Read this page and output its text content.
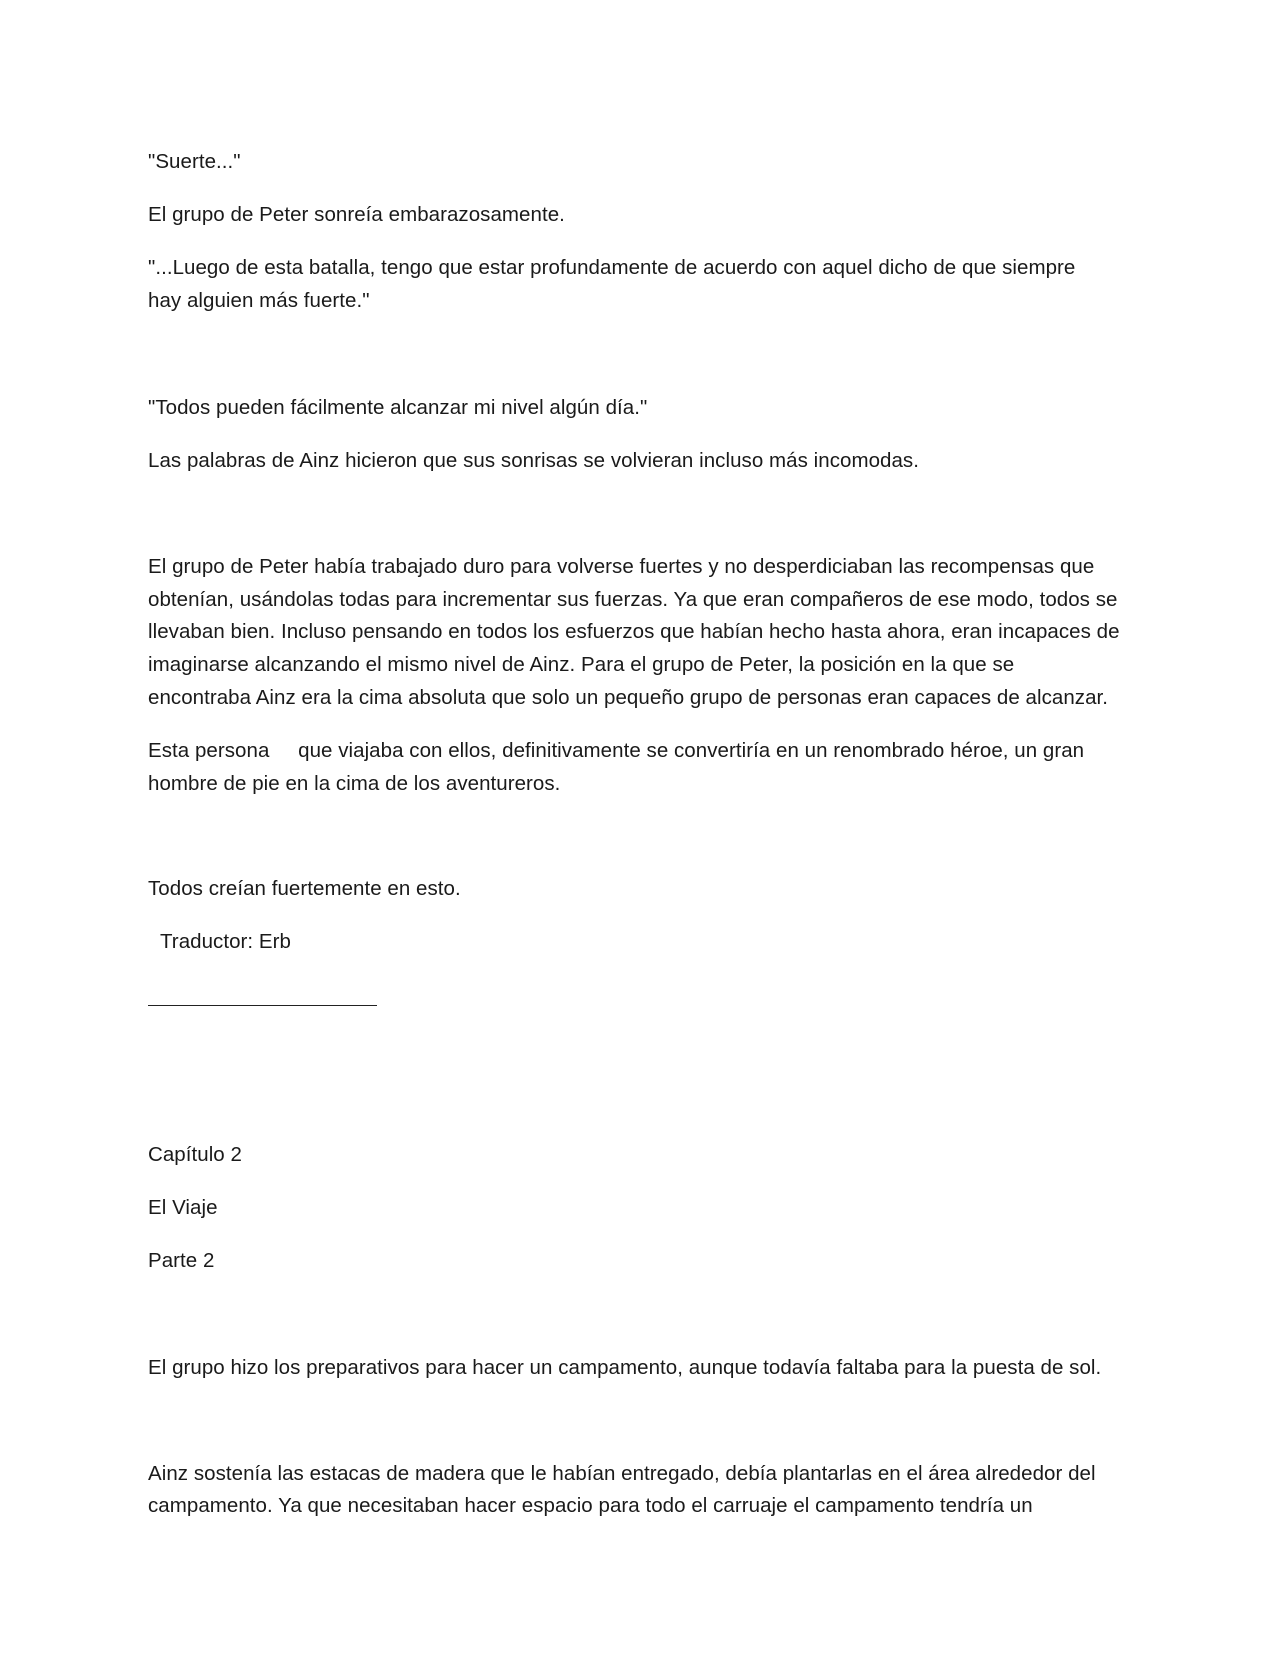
"Suerte..."
El grupo de Peter sonreía embarazosamente.
"...Luego de esta batalla, tengo que estar profundamente de acuerdo con aquel dicho de que siempre
hay alguien más fuerte."
"Todos pueden fácilmente alcanzar mi nivel algún día."
Las palabras de Ainz hicieron que sus sonrisas se volvieran incluso más incomodas.
El grupo de Peter había trabajado duro para volverse fuertes y no desperdiciaban las recompensas que
obtenían, usándolas todas para incrementar sus fuerzas. Ya que eran compañeros de ese modo, todos se
llevaban bien. Incluso pensando en todos los esfuerzos que habían hecho hasta ahora, eran incapaces de
imaginarse alcanzando el mismo nivel de Ainz. Para el grupo de Peter, la posición en la que se
encontraba Ainz era la cima absoluta que solo un pequeño grupo de personas eran capaces de alcanzar.
Esta persona     que viajaba con ellos, definitivamente se convertiría en un renombrado héroe, un gran
hombre de pie en la cima de los aventureros.
Todos creían fuertemente en esto.
Traductor: Erb
Capítulo 2
El Viaje
Parte 2
El grupo hizo los preparativos para hacer un campamento, aunque todavía faltaba para la puesta de sol.
Ainz sostenía las estacas de madera que le habían entregado, debía plantarlas en el área alrededor del
campamento. Ya que necesitaban hacer espacio para todo el carruaje el campamento tendría un
